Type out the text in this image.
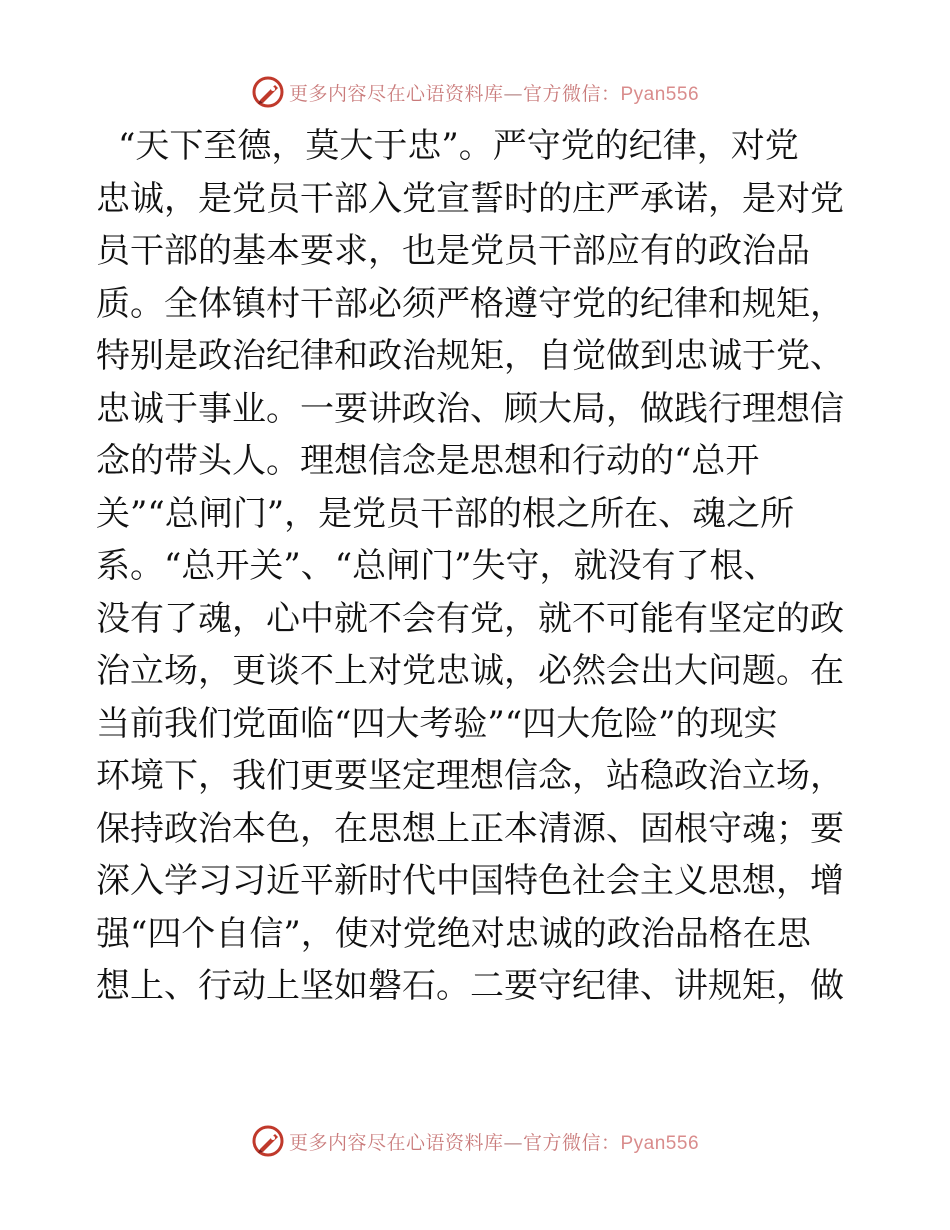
更多内容尽在心语资料库—官方微信：Pyan556
“天下至德，莫大于忠”。严守党的纪律，对党
忠诚，是党员干部入党宣誓时的庄严承诺，是对党
员干部的基本要求，也是党员干部应有的政治品
质。全体镇村干部必须严格遵守党的纪律和规矩，
特别是政治纪律和政治规矩，自觉做到忠诚于党、
忠诚于事业。一要讲政治、顾大局，做践行理想信
念的带头人。理想信念是思想和行动的“总开
关”“总闸门”，是党员干部的根之所在、魂之所
系。“总开关”、“总闸门”失守，就没有了根、
没有了魂，心中就不会有党，就不可能有坚定的政
治立场，更谈不上对党忠诚，必然会出大问题。在
当前我们党面临“四大考验”“四大危险”的现实
环境下，我们更要坚定理想信念，站稳政治立场，
保持政治本色，在思想上正本清源、固根守魂；要
深入学习习近平新时代中国特色社会主义思想，增
强“四个自信”，使对党绝对忠诚的政治品格在思
想上、行动上坚如磐石。二要守纪律、讲规矩，做
更多内容尽在心语资料库—官方微信：Pyan556
